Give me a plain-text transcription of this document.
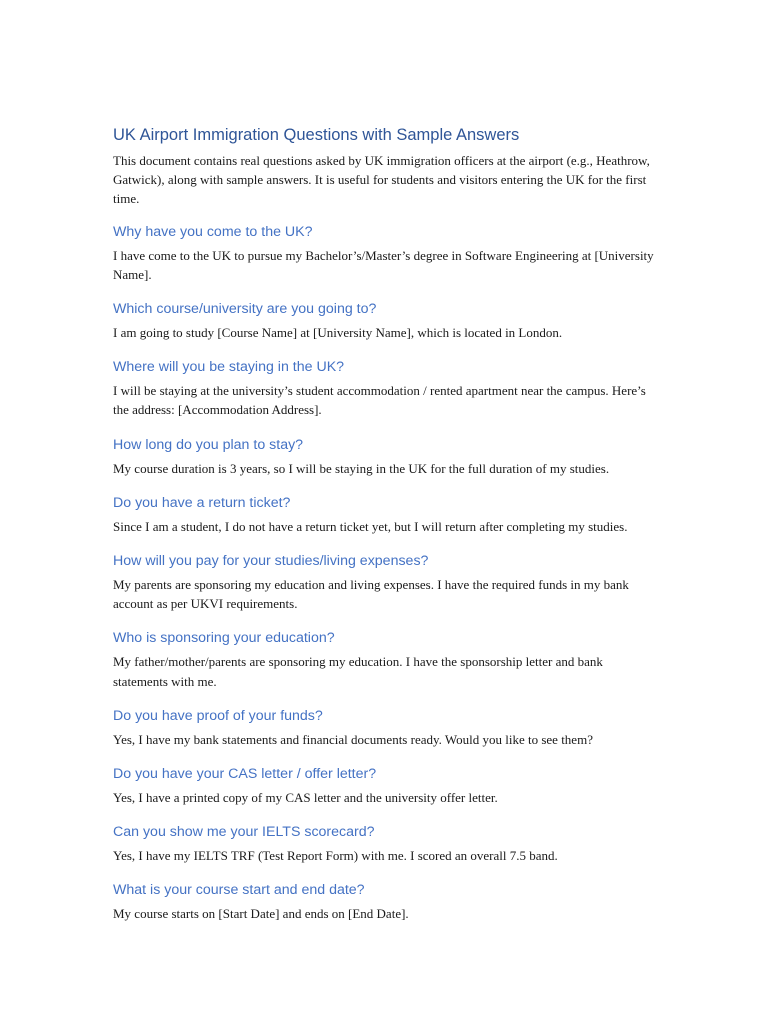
UK Airport Immigration Questions with Sample Answers

This document contains real questions asked by UK immigration officers at the airport (e.g., Heathrow, Gatwick), along with sample answers. It is useful for students and visitors entering the UK for the first time.

Why have you come to the UK?

I have come to the UK to pursue my Bachelor’s/Master’s degree in Software Engineering at [University Name].

Which course/university are you going to?

I am going to study [Course Name] at [University Name], which is located in London.

Where will you be staying in the UK?

I will be staying at the university’s student accommodation / rented apartment near the campus. Here’s the address: [Accommodation Address].

How long do you plan to stay?

My course duration is 3 years, so I will be staying in the UK for the full duration of my studies.

Do you have a return ticket?

Since I am a student, I do not have a return ticket yet, but I will return after completing my studies.

How will you pay for your studies/living expenses?

My parents are sponsoring my education and living expenses. I have the required funds in my bank account as per UKVI requirements.

Who is sponsoring your education?

My father/mother/parents are sponsoring my education. I have the sponsorship letter and bank statements with me.

Do you have proof of your funds?

Yes, I have my bank statements and financial documents ready. Would you like to see them?

Do you have your CAS letter / offer letter?

Yes, I have a printed copy of my CAS letter and the university offer letter.

Can you show me your IELTS scorecard?

Yes, I have my IELTS TRF (Test Report Form) with me. I scored an overall 7.5 band.

What is your course start and end date?

My course starts on [Start Date] and ends on [End Date].
